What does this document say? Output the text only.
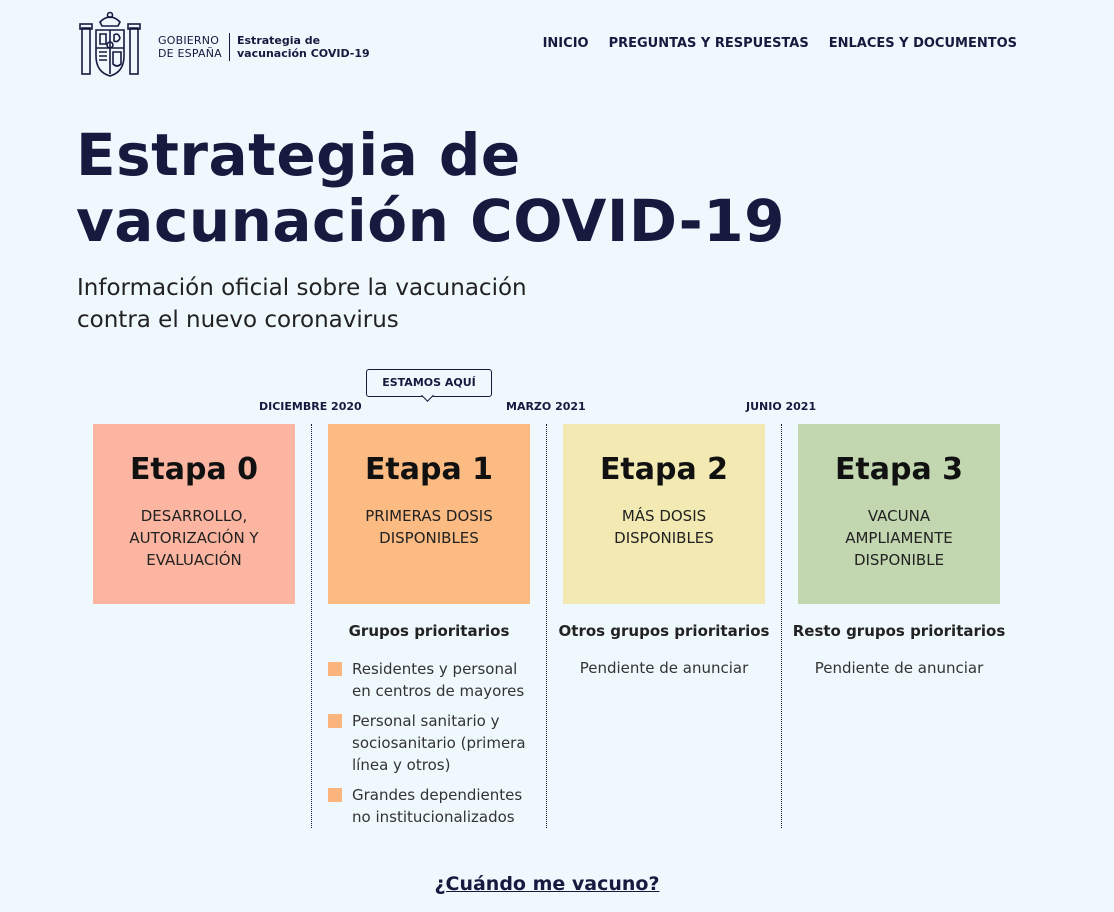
GOBIERNO
DE ESPAÑA
Estrategia de
vacunación COVID-19
INICIO PREGUNTAS Y RESPUESTAS ENLACES Y DOCUMENTOS
Estrategia de
vacunación COVID-19

Información oficial sobre la vacunación
contra el nuevo coronavirus

ESTAMOS AQUÍ
DICIEMBRE 2020	MARZO 2021	JUNIO 2021
Etapa 0
DESARROLLO, AUTORIZACIÓN Y EVALUACIÓN
Etapa 1
PRIMERAS DOSIS DISPONIBLES
Etapa 2
MÁS DOSIS DISPONIBLES
Etapa 3
VACUNA AMPLIAMENTE DISPONIBLE
Grupos prioritarios
Residentes y personal en centros de mayores
Personal sanitario y sociosanitario (primera línea y otros)
Grandes dependientes no institucionalizados
Otros grupos prioritarios
Pendiente de anunciar
Resto grupos prioritarios
Pendiente de anunciar
¿Cuándo me vacuno?
